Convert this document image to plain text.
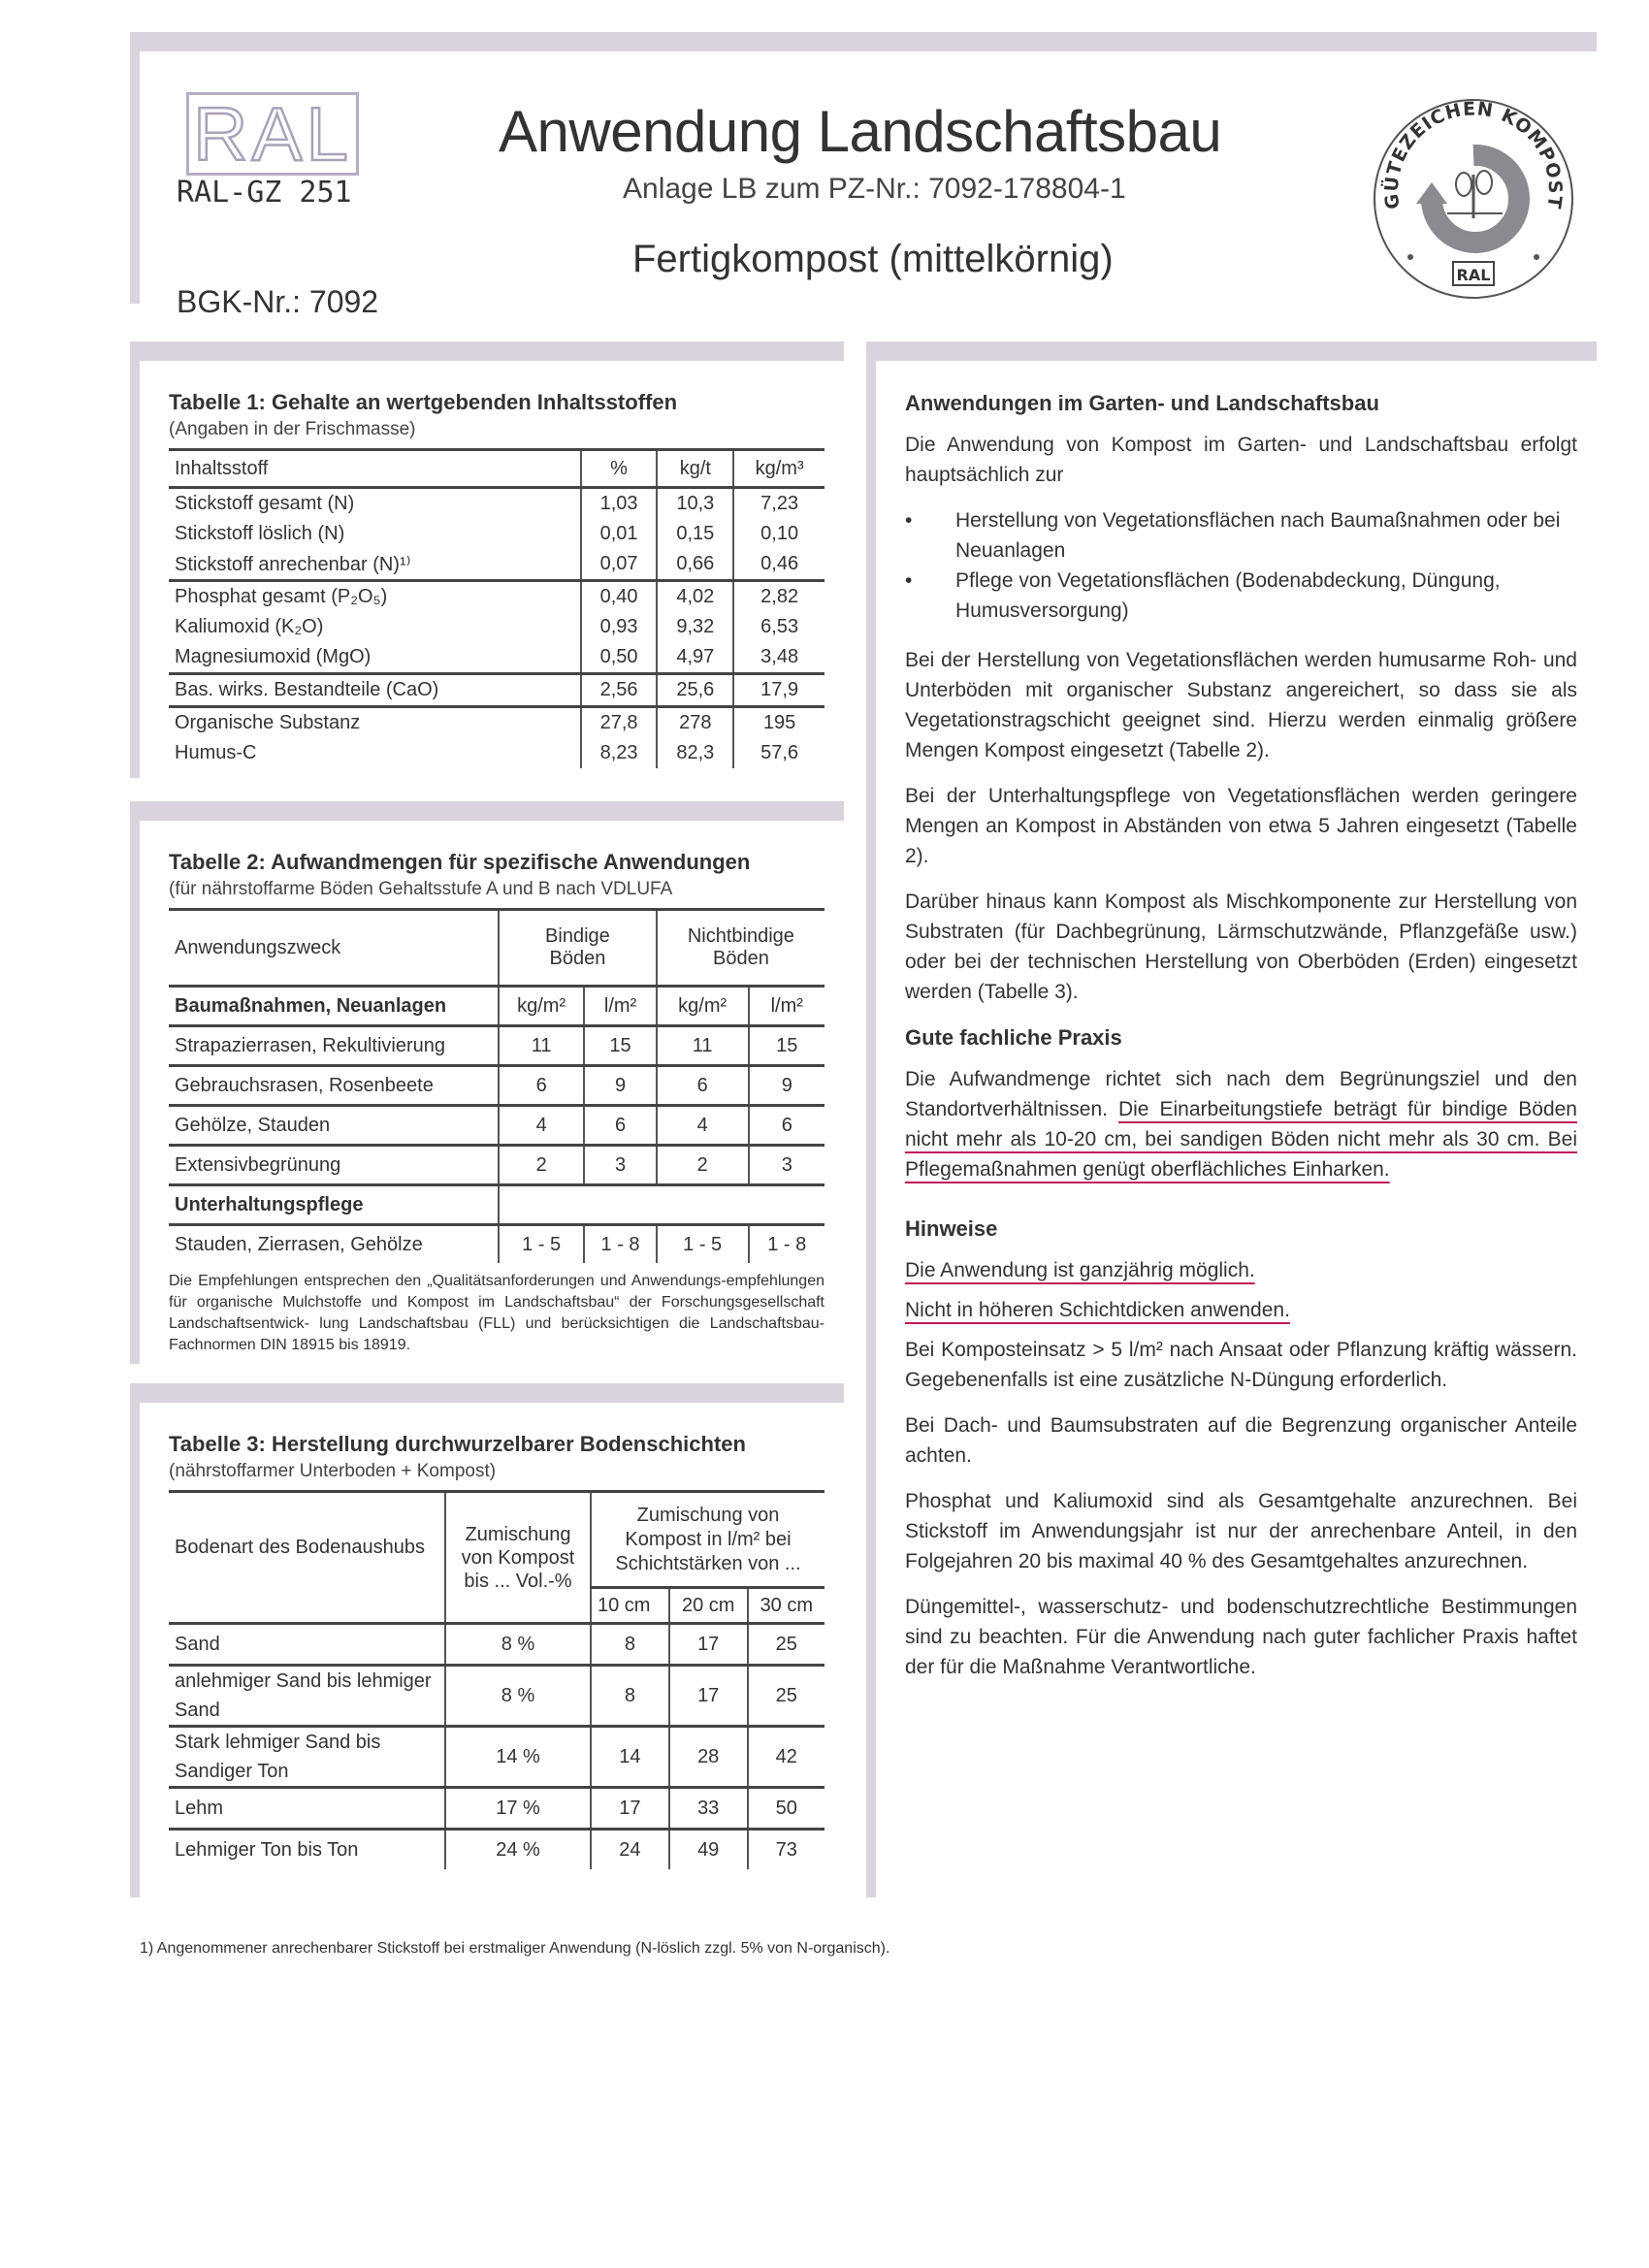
RAL
RAL-GZ 251
BGK-Nr.: 7092
Anwendung Landschaftsbau
Anlage LB zum PZ-Nr.: 7092-178804-1
Fertigkompost (mittelkörnig)
GÜTEZEICHEN KOMPOST
RAL

Tabelle 1: Gehalte an wertgebenden Inhaltsstoffen

(Angaben in der Frischmasse)

Inhaltsstoff	%	kg/t	kg/m³
Stickstoff gesamt (N)	1,03	10,3	7,23
Stickstoff löslich (N)	0,01	0,15	0,10
Stickstoff anrechenbar (N)¹⁾	0,07	0,66	0,46
Phosphat gesamt (P₂O₅)	0,40	4,02	2,82
Kaliumoxid (K₂O)	0,93	9,32	6,53
Magnesiumoxid (MgO)	0,50	4,97	3,48
Bas. wirks. Bestandteile (CaO)	2,56	25,6	17,9
Organische Substanz	27,8	278	195
Humus-C	8,23	82,3	57,6

Tabelle 2: Aufwandmengen für spezifische Anwendungen

(für nährstoffarme Böden Gehaltsstufe A und B nach VDLUFA

Anwendungszweck	Bindige Böden		Nichtbindige Böden	
Baumaßnahmen, Neuanlagen	kg/m²	l/m²	kg/m²	l/m²
Strapazierrasen, Rekultivierung	11	15	11	15
Gebrauchsrasen, Rosenbeete	6	9	6	9
Gehölze, Stauden	4	6	4	6
Extensivbegrünung	2	3	2	3
Unterhaltungspflege				
Stauden, Zierrasen, Gehölze	1 - 5	1 - 8	1 - 5	1 - 8

Die Empfehlungen entsprechen den „Qualitätsanforderungen und Anwendungs-empfehlungen für organische Mulchstoffe und Kompost im Landschaftsbau“ der Forschungsgesellschaft Landschaftsentwick- lung Landschaftsbau (FLL) und berücksichtigen die Landschaftsbau-Fachnormen DIN 18915 bis 18919.

Tabelle 3: Herstellung durchwurzelbarer Bodenschichten

(nährstoffarmer Unterboden + Kompost)

Bodenart des Bodenaushubs	Zumischung von Kompost bis ... Vol.-%	Zumischung von Kompost in l/m² bei Schichtstärken von ...		
		10 cm	20 cm	30 cm
Sand	8 %	8	17	25
anlehmiger Sand bis lehmiger Sand	8 %	8	17	25
Stark lehmiger Sand bis Sandiger Ton	14 %	14	28	42
Lehm	17 %	17	33	50
Lehmiger Ton bis Ton	24 %	24	49	73
Anwendungen im Garten- und Landschaftsbau

Die Anwendung von Kompost im Garten- und Landschaftsbau erfolgt hauptsächlich zur

• Herstellung von Vegetationsflächen nach Baumaßnahmen oder bei Neuanlagen
• Pflege von Vegetationsflächen (Bodenabdeckung, Düngung, Humusversorgung)

Bei der Herstellung von Vegetationsflächen werden humusarme Roh- und Unterböden mit organischer Substanz angereichert, so dass sie als Vegetationstragschicht geeignet sind. Hierzu werden einmalig größere Mengen Kompost eingesetzt (Tabelle 2).

Bei der Unterhaltungspflege von Vegetationsflächen werden geringere Mengen an Kompost in Abständen von etwa 5 Jahren eingesetzt (Tabelle 2).

Darüber hinaus kann Kompost als Mischkomponente zur Herstellung von Substraten (für Dachbegrünung, Lärmschutzwände, Pflanzgefäße usw.) oder bei der technischen Herstellung von Oberböden (Erden) eingesetzt werden (Tabelle 3).

Gute fachliche Praxis

Die Aufwandmenge richtet sich nach dem Begrünungsziel und den Standortverhältnissen. Die Einarbeitungstiefe beträgt für bindige Böden nicht mehr als 10-20 cm, bei sandigen Böden nicht mehr als 30 cm. Bei Pflegemaßnahmen genügt oberflächliches Einharken.

Hinweise

Die Anwendung ist ganzjährig möglich.

Nicht in höheren Schichtdicken anwenden.

Bei Komposteinsatz > 5 l/m² nach Ansaat oder Pflanzung kräftig wässern. Gegebenenfalls ist eine zusätzliche N-Düngung erforderlich.

Bei Dach- und Baumsubstraten auf die Begrenzung organischer Anteile achten.

Phosphat und Kaliumoxid sind als Gesamtgehalte anzurechnen. Bei Stickstoff im Anwendungsjahr ist nur der anrechenbare Anteil, in den Folgejahren 20 bis maximal 40 % des Gesamtgehaltes anzurechnen.

Düngemittel-, wasserschutz- und bodenschutzrechtliche Bestimmungen sind zu beachten. Für die Anwendung nach guter fachlicher Praxis haftet der für die Maßnahme Verantwortliche.

1) Angenommener anrechenbarer Stickstoff bei erstmaliger Anwendung (N-löslich zzgl. 5% von N-organisch).
